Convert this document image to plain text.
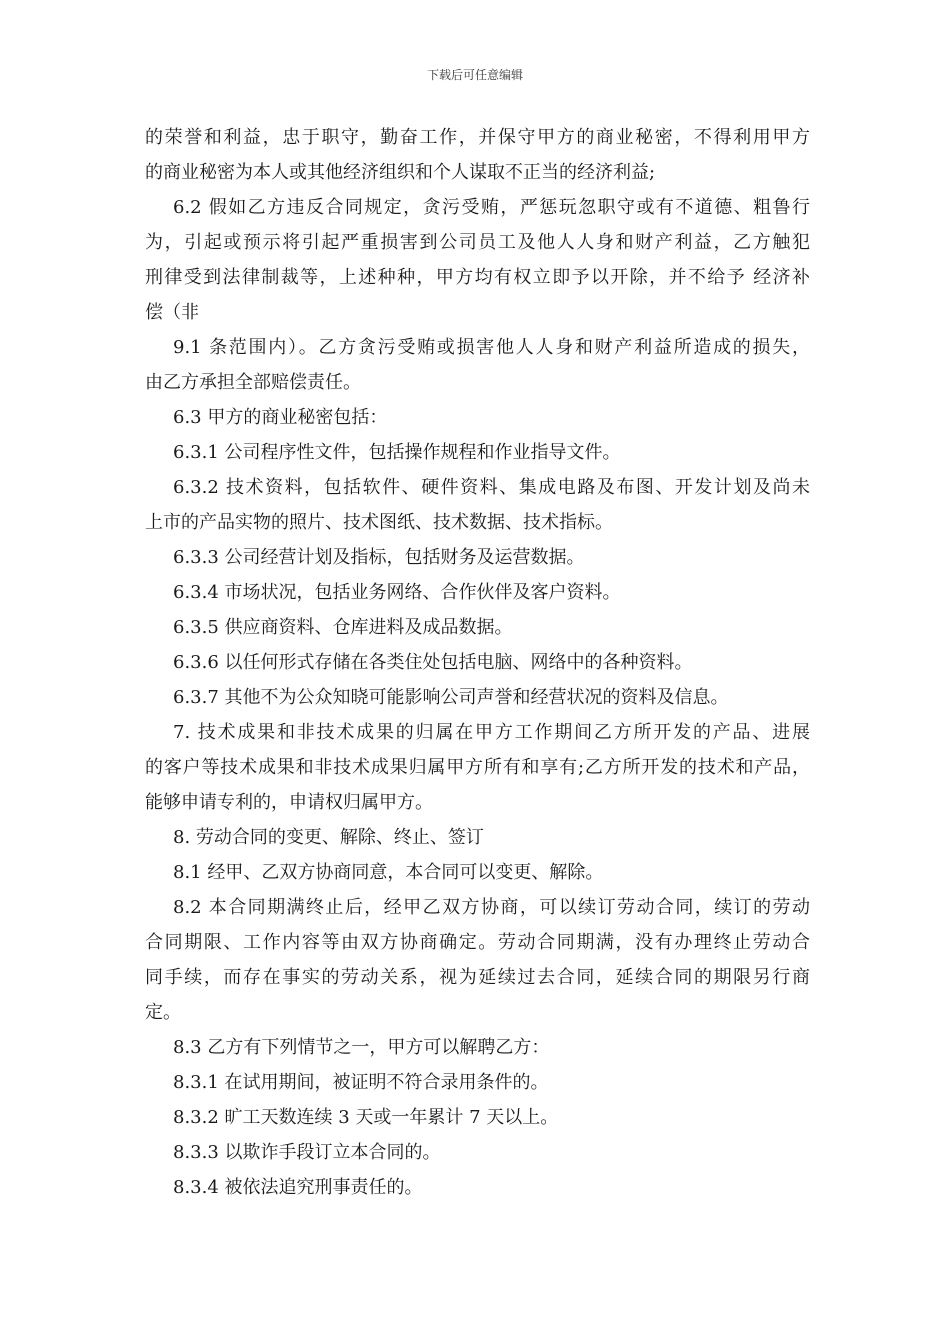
下载后可任意编辑
的荣誉和利益，忠于职守，勤奋工作，并保守甲方的商业秘密，不得利用甲方
的商业秘密为本人或其他经济组织和个人谋取不正当的经济利益;
6.2 假如乙方违反合同规定，贪污受贿，严惩玩忽职守或有不道德、粗鲁行
为，引起或预示将引起严重损害到公司员工及他人人身和财产利益，乙方触犯
刑律受到法律制裁等，上述种种，甲方均有权立即予以开除，并不给予 经济补
偿（非
9.1 条范围内）。乙方贪污受贿或损害他人人身和财产利益所造成的损失，
由乙方承担全部赔偿责任。
6.3 甲方的商业秘密包括：
6.3.1 公司程序性文件，包括操作规程和作业指导文件。
6.3.2 技术资料，包括软件、硬件资料、集成电路及布图、开发计划及尚未
上市的产品实物的照片、技术图纸、技术数据、技术指标。
6.3.3 公司经营计划及指标，包括财务及运营数据。
6.3.4 市场状况，包括业务网络、合作伙伴及客户资料。
6.3.5 供应商资料、仓库进料及成品数据。
6.3.6 以任何形式存储在各类住处包括电脑、网络中的各种资料。
6.3.7 其他不为公众知晓可能影响公司声誉和经营状况的资料及信息。
7. 技术成果和非技术成果的归属在甲方工作期间乙方所开发的产品、进展
的客户等技术成果和非技术成果归属甲方所有和享有;乙方所开发的技术和产品，
能够申请专利的，申请权归属甲方。
8. 劳动合同的变更、解除、终止、签订
8.1 经甲、乙双方协商同意，本合同可以变更、解除。
8.2 本合同期满终止后，经甲乙双方协商，可以续订劳动合同，续订的劳动
合同期限、工作内容等由双方协商确定。劳动合同期满，没有办理终止劳动合
同手续，而存在事实的劳动关系，视为延续过去合同，延续合同的期限另行商
定。
8.3 乙方有下列情节之一，甲方可以解聘乙方：
8.3.1 在试用期间，被证明不符合录用条件的。
8.3.2 旷工天数连续 3 天或一年累计 7 天以上。
8.3.3 以欺诈手段订立本合同的。
8.3.4 被依法追究刑事责任的。
